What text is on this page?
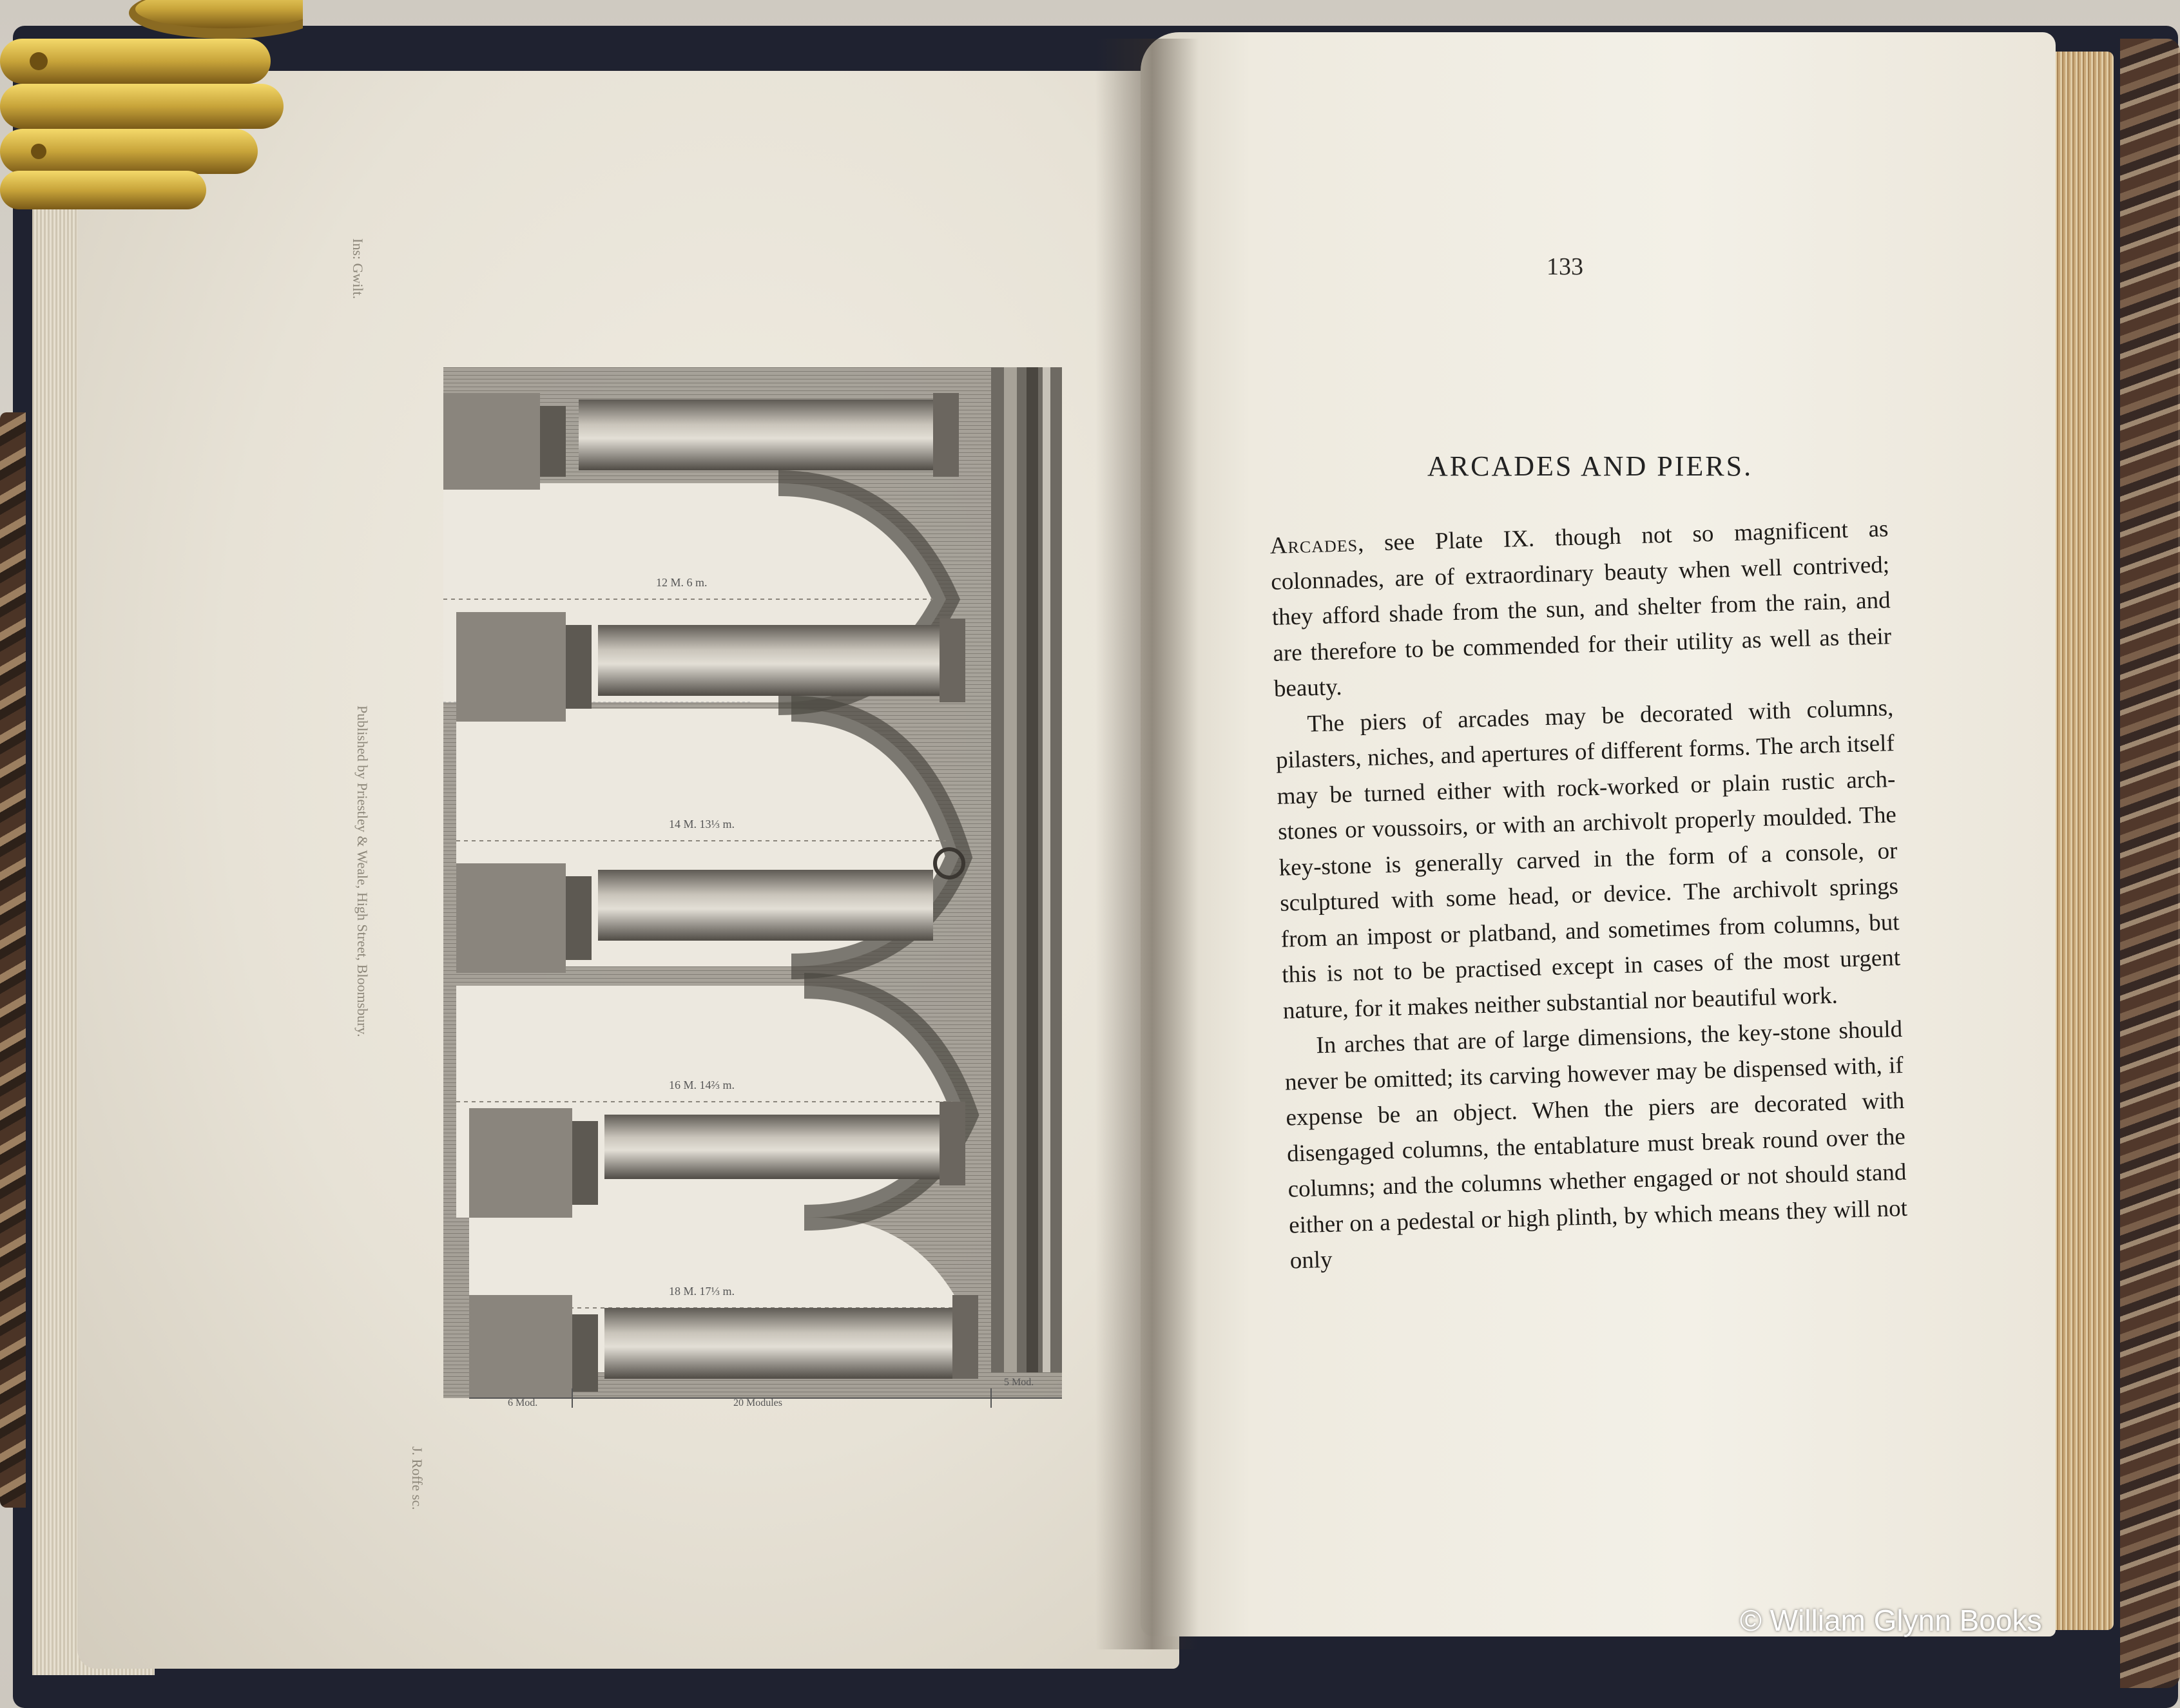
Ins: Gwilt.
Published by Priestley & Weale, High Street, Bloomsbury.
J. Roffe sc.
12 M. 6 m.
14 M. 13⅓ m.
16 M. 14⅔ m.
18 M. 17⅓ m.
6 Mod.	20 Modules
5 Mod.
133
ARCADES AND PIERS.

Arcades, see Plate IX. though not so magnificent as colonnades, are of extraordinary beauty when well contrived; they afford shade from the sun, and shelter from the rain, and are therefore to be commended for their utility as well as their beauty.

The piers of arcades may be decorated with columns, pilasters, niches, and apertures of different forms. The arch itself may be turned either with rock-worked or plain rustic arch-stones or voussoirs, or with an archivolt properly moulded. The key-stone is generally carved in the form of a console, or sculptured with some head, or device. The archivolt springs from an impost or platband, and sometimes from columns, but this is not to be practised except in cases of the most urgent nature, for it makes neither substantial nor beautiful work.

In arches that are of large dimensions, the key-stone should never be omitted; its carving however may be dispensed with, if expense be an object. When the piers are decorated with disengaged columns, the entablature must break round over the columns; and the columns whether engaged or not should stand either on a pedestal or high plinth, by which means they will not only

© William Glynn Books
